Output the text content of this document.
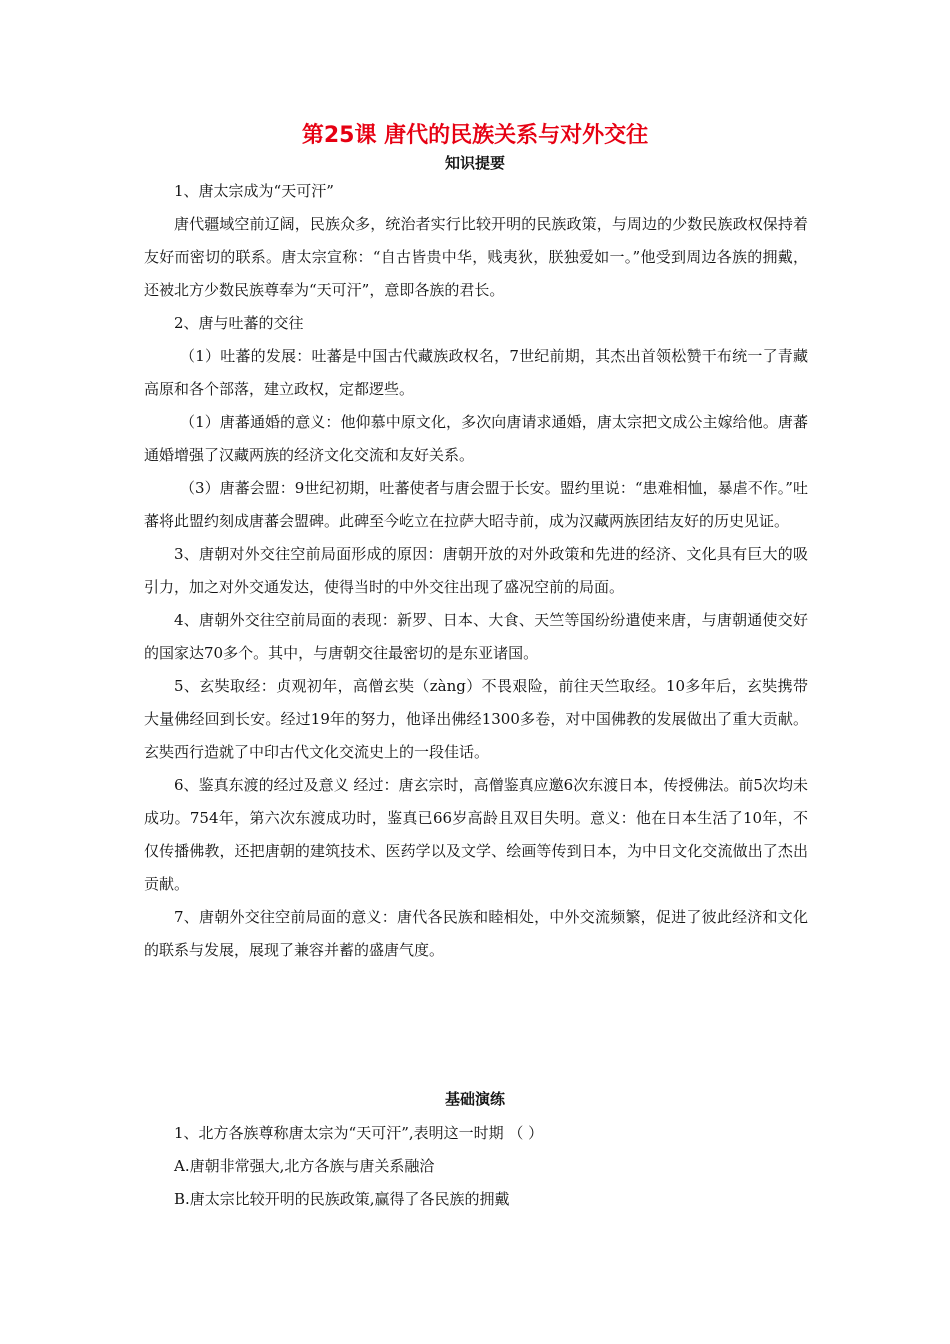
第25课 唐代的民族关系与对外交往
知识提要

1、唐太宗成为“天可汗”

唐代疆域空前辽阔，民族众多，统治者实行比较开明的民族政策，与周边的少数民族政权保持着友好而密切的联系。唐太宗宣称：“自古皆贵中华，贱夷狄，朕独爱如一。”他受到周边各族的拥戴，还被北方少数民族尊奉为“天可汗”，意即各族的君长。

2、唐与吐蕃的交往

（1）吐蕃的发展：吐蕃是中国古代藏族政权名，7世纪前期，其杰出首领松赞干布统一了青藏高原和各个部落，建立政权，定都逻些。

（1）唐蕃通婚的意义：他仰慕中原文化，多次向唐请求通婚，唐太宗把文成公主嫁给他。唐蕃通婚增强了汉藏两族的经济文化交流和友好关系。

（3）唐蕃会盟：9世纪初期，吐蕃使者与唐会盟于长安。盟约里说：“患难相恤，暴虐不作。”吐蕃将此盟约刻成唐蕃会盟碑。此碑至今屹立在拉萨大昭寺前，成为汉藏两族团结友好的历史见证。

3、唐朝对外交往空前局面形成的原因：唐朝开放的对外政策和先进的经济、文化具有巨大的吸引力，加之对外交通发达，使得当时的中外交往出现了盛况空前的局面。

4、唐朝外交往空前局面的表现：新罗、日本、大食、天竺等国纷纷遣使来唐，与唐朝通使交好的国家达70多个。其中，与唐朝交往最密切的是东亚诸国。

5、玄奘取经：贞观初年，高僧玄奘（zàng）不畏艰险，前往天竺取经。10多年后，玄奘携带大量佛经回到长安。经过19年的努力，他译出佛经1300多卷，对中国佛教的发展做出了重大贡献。玄奘西行造就了中印古代文化交流史上的一段佳话。

6、鉴真东渡的经过及意义 经过：唐玄宗时，高僧鉴真应邀6次东渡日本，传授佛法。前5次均未成功。754年，第六次东渡成功时，鉴真已66岁高龄且双目失明。意义：他在日本生活了10年，不仅传播佛教，还把唐朝的建筑技术、医药学以及文学、绘画等传到日本，为中日文化交流做出了杰出贡献。

7、唐朝外交往空前局面的意义：唐代各民族和睦相处，中外交流频繁，促进了彼此经济和文化的联系与发展，展现了兼容并蓄的盛唐气度。

基础演练

1、北方各族尊称唐太宗为“天可汗”,表明这一时期 （ ）

A.唐朝非常强大,北方各族与唐关系融洽

B.唐太宗比较开明的民族政策,赢得了各民族的拥戴
